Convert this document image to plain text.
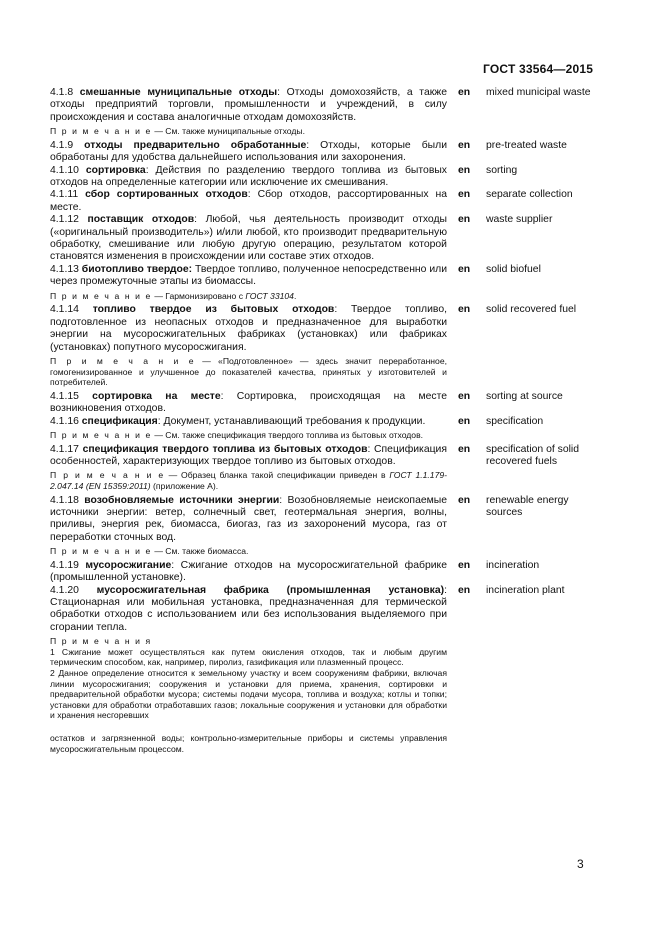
ГОСТ 33564—2015
4.1.8 смешанные муниципальные отходы: Отходы домохозяйств, а также отходы предприятий торговли, промышленности и учреждений, в силу происхождения и состава аналогичные отходам домохозяйств.
en	mixed municipal waste
П р и м е ч а н и е — См. также муниципальные отходы.
4.1.9 отходы предварительно обработанные: Отходы, которые были обработаны для удобства дальнейшего использования или захоронения.
en	pre-treated waste
4.1.10 сортировка: Действия по разделению твердого топлива из бытовых отходов на определенные категории или исключение их смешивания.
en	sorting
4.1.11 сбор сортированных отходов: Сбор отходов, рассортированных на месте.
en	separate collection
4.1.12 поставщик отходов: Любой, чья деятельность производит отходы («оригинальный производитель») и/или любой, кто производит предварительную обработку, смешивание или любую другую операцию, результатом которой становятся изменения в происхождении или составе этих отходов.
en	waste supplier
4.1.13 биотопливо твердое: Твердое топливо, полученное непосредственно или через промежуточные этапы из биомассы.
en	solid biofuel
П р и м е ч а н и е — Гармонизировано с ГОСТ 33104.
4.1.14 топливо твердое из бытовых отходов: Твердое топливо, подготовленное из неопасных отходов и предназначенное для выработки энергии на мусоросжигательных фабриках (установках) или фабриках (установках) попутного мусоросжигания.
en	solid recovered fuel
П р и м е ч а н и е — «Подготовленное» — здесь значит переработанное, гомогенизированное и улучшенное до показателей качества, принятых у изготовителей и потребителей.
4.1.15 сортировка на месте: Сортировка, происходящая на месте возникновения отходов.
en	sorting at source
4.1.16 спецификация: Документ, устанавливающий требования к продукции.	en	specification
П р и м е ч а н и е — См. также спецификация твердого топлива из бытовых отходов.
4.1.17 спецификация твердого топлива из бытовых отходов: Спецификация особенностей, характеризующих твердое топливо из бытовых отходов.
en	specification of solid recovered fuels
П р и м е ч а н и е — Образец бланка такой спецификации приведен в ГОСТ 1.1.179-2.047.14 (EN 15359:2011) (приложение А).
4.1.18 возобновляемые источники энергии: Возобновляемые неископаемые источники энергии: ветер, солнечный свет, геотермальная энергия, волны, приливы, энергия рек, биомасса, биогаз, газ из захоронений мусора, газ от переработки сточных вод.
en	renewable energy sources
П р и м е ч а н и е — См. также биомасса.
4.1.19 мусоросжигание: Сжигание отходов на мусоросжигательной фабрике (промышленной установке).
en	incineration
4.1.20 мусоросжигательная фабрика (промышленная установка): Стационарная или мобильная установка, предназначенная для термической обработки отходов с использованием или без использования выделяемого при сгорании тепла.
en	incineration plant
П р и м е ч а н и я
1 Сжигание может осуществляться как путем окисления отходов, так и любым другим термическим способом, как, например, пиролиз, газификация или плазменный процесс.
2 Данное определение относится к земельному участку и всем сооружениям фабрики, включая линии мусоросжигания; сооружения и установки для приема, хранения, сортировки и предварительной обработки мусора; системы подачи мусора, топлива и воздуха; котлы и топки; установки для обработки отработавших газов; локальные сооружения и установки для обработки и хранения несгоревших
остатков и загрязненной воды; контрольно-измерительные приборы и системы управления мусоросжигательным процессом.
3
